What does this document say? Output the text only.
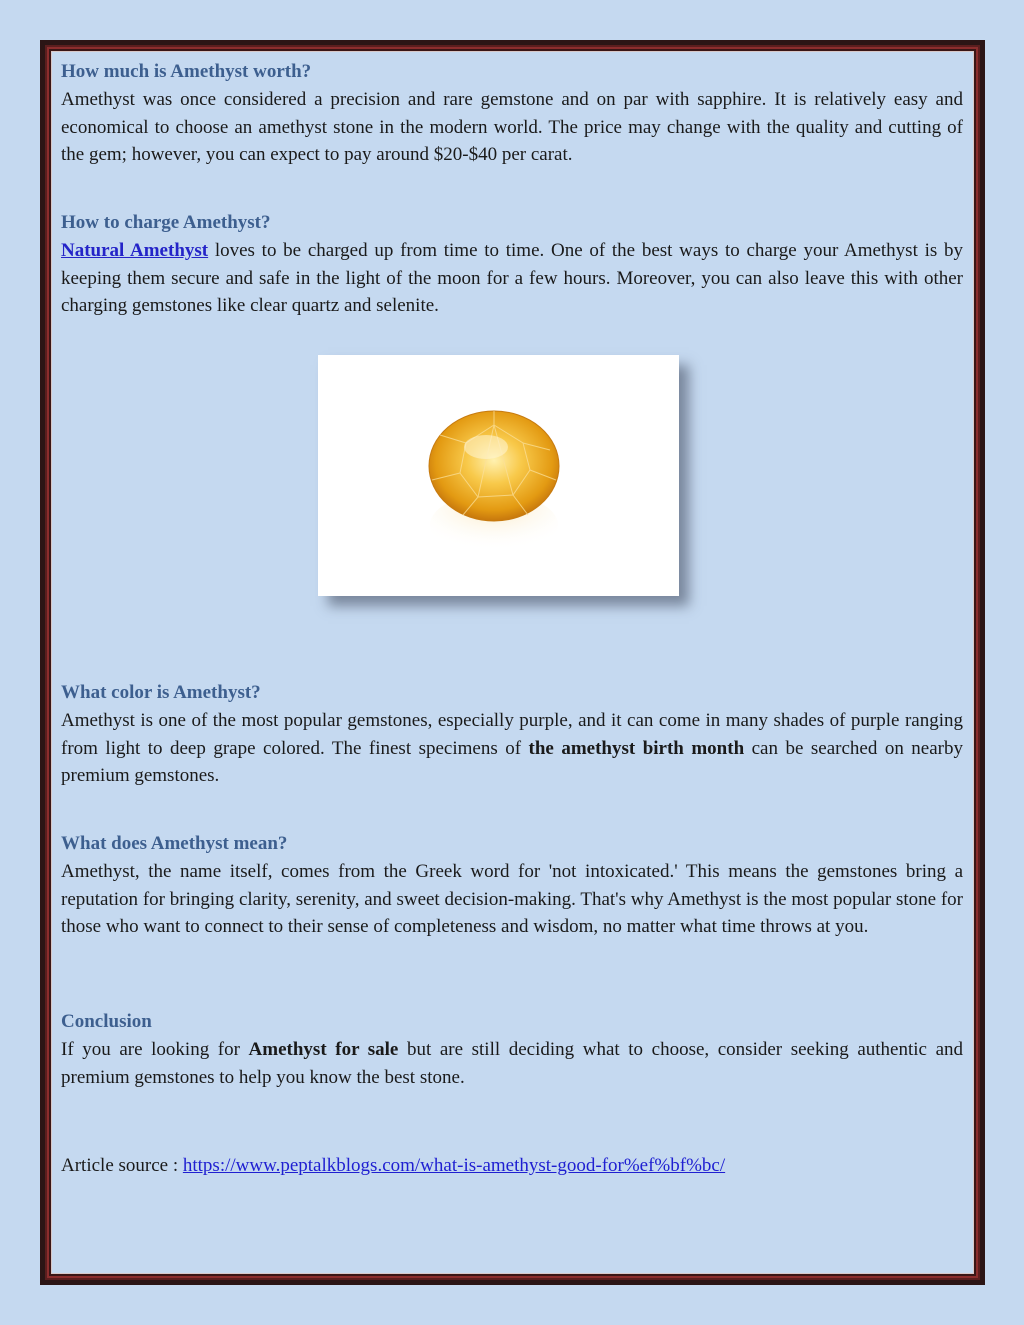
How much is Amethyst worth?

Amethyst was once considered a precision and rare gemstone and on par with sapphire. It is relatively easy and economical to choose an amethyst stone in the modern world. The price may change with the quality and cutting of the gem; however, you can expect to pay around $20-$40 per carat.

How to charge Amethyst?

Natural Amethyst loves to be charged up from time to time. One of the best ways to charge your Amethyst is by keeping them secure and safe in the light of the moon for a few hours. Moreover, you can also leave this with other charging gemstones like clear quartz and selenite.

What color is Amethyst?

Amethyst is one of the most popular gemstones, especially purple, and it can come in many shades of purple ranging from light to deep grape colored. The finest specimens of the amethyst birth month can be searched on nearby premium gemstones.

What does Amethyst mean?

Amethyst, the name itself, comes from the Greek word for 'not intoxicated.' This means the gemstones bring a reputation for bringing clarity, serenity, and sweet decision-making. That's why Amethyst is the most popular stone for those who want to connect to their sense of completeness and wisdom, no matter what time throws at you.

Conclusion

If you are looking for Amethyst for sale but are still deciding what to choose, consider seeking authentic and premium gemstones to help you know the best stone.

Article source : https://www.peptalkblogs.com/what-is-amethyst-good-for%ef%bf%bc/
